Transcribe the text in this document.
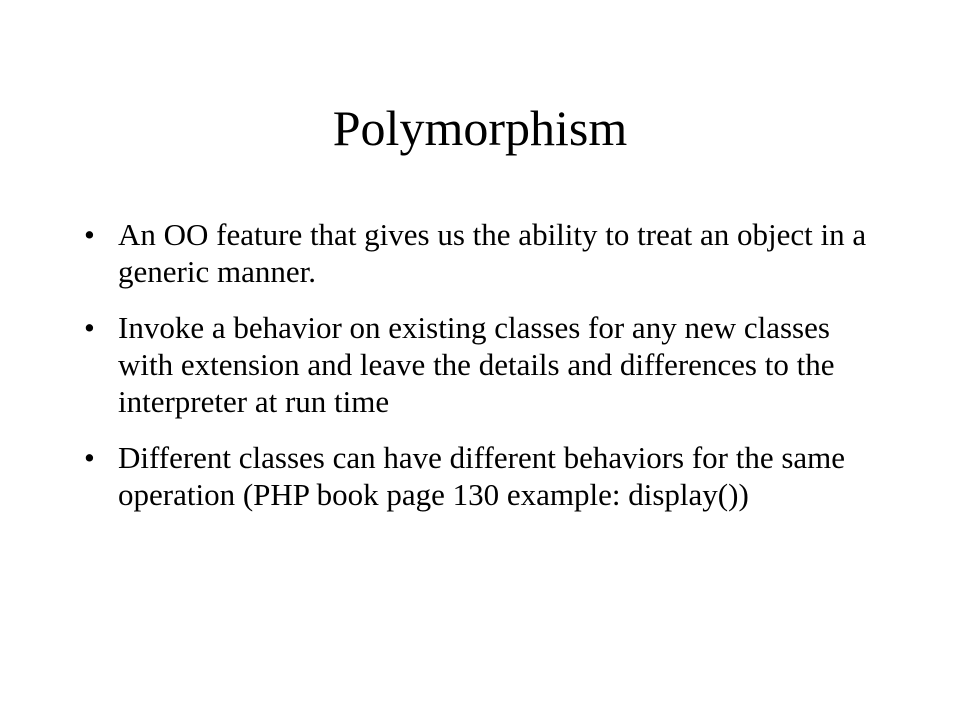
Polymorphism
• An OO feature that gives us the ability to treat an object in a generic manner.
• Invoke a behavior on existing classes for any new classes with extension and leave the details and differences to the interpreter at run time
• Different classes can have different behaviors for the same operation (PHP book page 130 example: display())
